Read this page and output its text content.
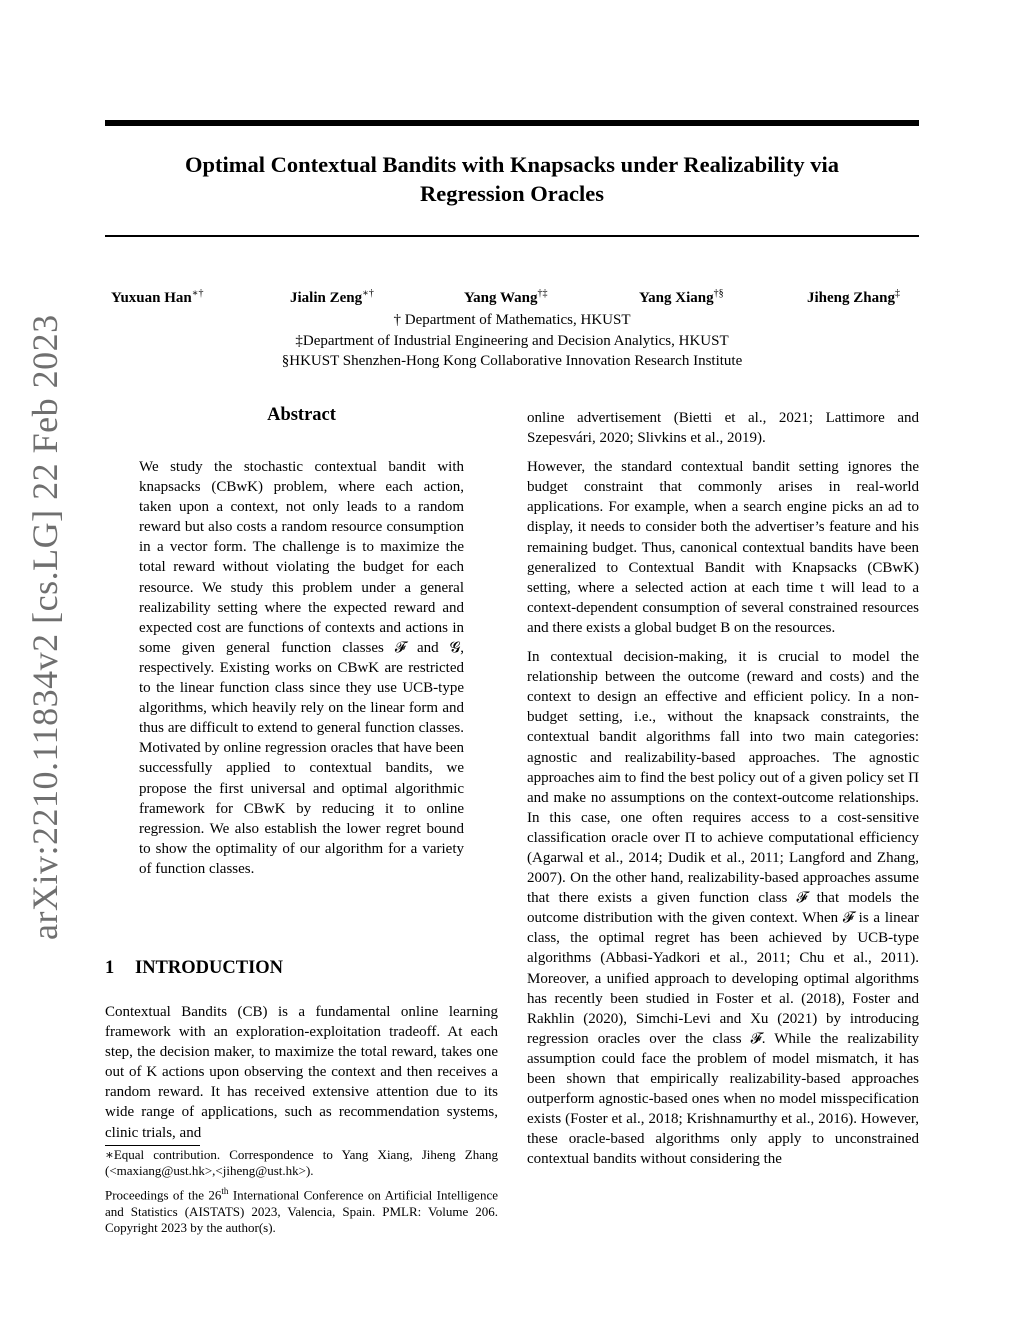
Optimal Contextual Bandits with Knapsacks under Realizability via
Regression Oracles
Yuxuan Han∗†	Jialin Zeng∗†	Yang Wang†‡	Yang Xiang†§	Jiheng Zhang‡
† Department of Mathematics, HKUST
‡Department of Industrial Engineering and Decision Analytics, HKUST
§HKUST Shenzhen-Hong Kong Collaborative Innovation Research Institute
arXiv:2210.11834v2 [cs.LG] 22 Feb 2023	Abstract

We study the stochastic contextual bandit with knapsacks (CBwK) problem, where each action, taken upon a context, not only leads to a random reward but also costs a random resource consumption in a vector form. The challenge is to maximize the total reward without violating the budget for each resource. We study this problem under a general realizability setting where the expected reward and expected cost are functions of contexts and actions in some given general function classes 𝓕 and 𝓖, respectively. Existing works on CBwK are restricted to the linear function class since they use UCB-type algorithms, which heavily rely on the linear form and thus are difficult to extend to general function classes. Motivated by online regression oracles that have been successfully applied to contextual bandits, we propose the first universal and optimal algorithmic framework for CBwK by reducing it to online regression. We also establish the lower regret bound to show the optimality of our algorithm for a variety of function classes.

1 INTRODUCTION

Contextual Bandits (CB) is a fundamental online learning framework with an exploration-exploitation tradeoff. At each step, the decision maker, to maximize the total reward, takes one out of K actions upon observing the context and then receives a random reward. It has received extensive attention due to its wide range of applications, such as recommendation systems, clinic trials, and

∗Equal contribution. Correspondence to Yang Xiang, Jiheng Zhang (<maxiang@ust.hk>,<jiheng@ust.hk>).

Proceedings of the 26th International Conference on Artificial Intelligence and Statistics (AISTATS) 2023, Valencia, Spain. PMLR: Volume 206. Copyright 2023 by the author(s).

online advertisement (Bietti et al., 2021; Lattimore and Szepesvári, 2020; Slivkins et al., 2019).

However, the standard contextual bandit setting ignores the budget constraint that commonly arises in real-world applications. For example, when a search engine picks an ad to display, it needs to consider both the advertiser’s feature and his remaining budget. Thus, canonical contextual bandits have been generalized to Contextual Bandit with Knapsacks (CBwK) setting, where a selected action at each time t will lead to a context-dependent consumption of several constrained resources and there exists a global budget B on the resources.

In contextual decision-making, it is crucial to model the relationship between the outcome (reward and costs) and the context to design an effective and efficient policy. In a non-budget setting, i.e., without the knapsack constraints, the contextual bandit algorithms fall into two main categories: agnostic and realizability-based approaches. The agnostic approaches aim to find the best policy out of a given policy set Π and make no assumptions on the context-outcome relationships. In this case, one often requires access to a cost-sensitive classification oracle over Π to achieve computational efficiency (Agarwal et al., 2014; Dudik et al., 2011; Langford and Zhang, 2007). On the other hand, realizability-based approaches assume that there exists a given function class 𝓕 that models the outcome distribution with the given context. When 𝓕 is a linear class, the optimal regret has been achieved by UCB-type algorithms (Abbasi-Yadkori et al., 2011; Chu et al., 2011). Moreover, a unified approach to developing optimal algorithms has recently been studied in Foster et al. (2018), Foster and Rakhlin (2020), Simchi-Levi and Xu (2021) by introducing regression oracles over the class 𝓕. While the realizability assumption could face the problem of model mismatch, it has been shown that empirically realizability-based approaches outperform agnostic-based ones when no model misspecification exists (Foster et al., 2018; Krishnamurthy et al., 2016). However, these oracle-based algorithms only apply to unconstrained contextual bandits without considering the
